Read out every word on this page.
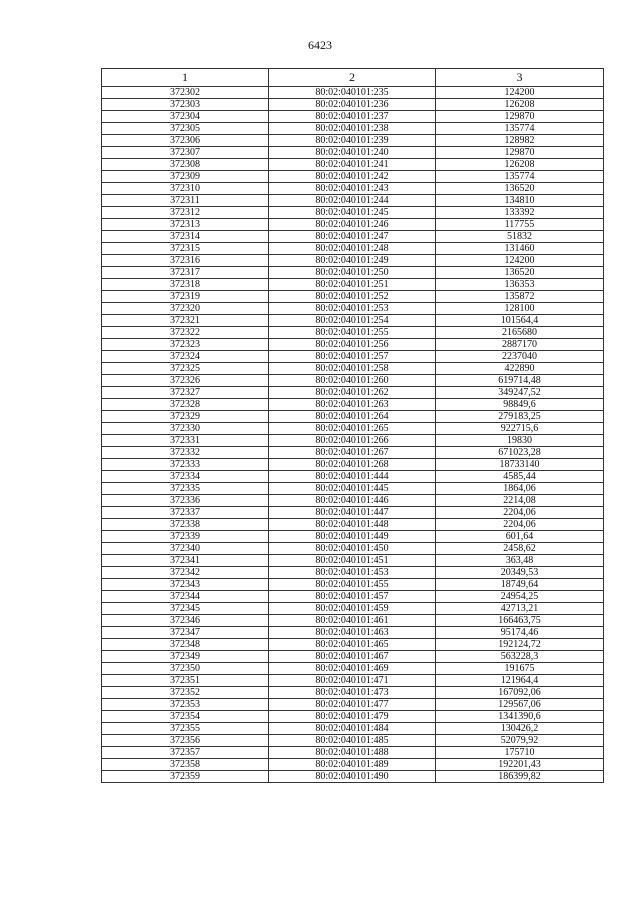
6423
1	2	3
372302	80:02:040101:235	124200
372303	80:02:040101:236	126208
372304	80:02:040101:237	129870
372305	80:02:040101:238	135774
372306	80:02:040101:239	128982
372307	80:02:040101:240	129870
372308	80:02:040101:241	126208
372309	80:02:040101:242	135774
372310	80:02:040101:243	136520
372311	80:02:040101:244	134810
372312	80:02:040101:245	133392
372313	80:02:040101:246	117755
372314	80:02:040101:247	51832
372315	80:02:040101:248	131460
372316	80:02:040101:249	124200
372317	80:02:040101:250	136520
372318	80:02:040101:251	136353
372319	80:02:040101:252	135872
372320	80:02:040101:253	128100
372321	80:02:040101:254	101564,4
372322	80:02:040101:255	2165680
372323	80:02:040101:256	2887170
372324	80:02:040101:257	2237040
372325	80:02:040101:258	422890
372326	80:02:040101:260	619714,48
372327	80:02:040101:262	349247,52
372328	80:02:040101:263	98849,6
372329	80:02:040101:264	279183,25
372330	80:02:040101:265	922715,6
372331	80:02:040101:266	19830
372332	80:02:040101:267	671023,28
372333	80:02:040101:268	18733140
372334	80:02:040101:444	4585,44
372335	80:02:040101:445	1864,06
372336	80:02:040101:446	2214,08
372337	80:02:040101:447	2204,06
372338	80:02:040101:448	2204,06
372339	80:02:040101:449	601,64
372340	80:02:040101:450	2458,62
372341	80:02:040101:451	363,48
372342	80:02:040101:453	20349,53
372343	80:02:040101:455	18749,64
372344	80:02:040101:457	24954,25
372345	80:02:040101:459	42713,21
372346	80:02:040101:461	166463,75
372347	80:02:040101:463	95174,46
372348	80:02:040101:465	192124,72
372349	80:02:040101:467	563228,3
372350	80:02:040101:469	191675
372351	80:02:040101:471	121964,4
372352	80:02:040101:473	167092,06
372353	80:02:040101:477	129567,06
372354	80:02:040101:479	1341390,6
372355	80:02:040101:484	130426,2
372356	80:02:040101:485	52079,92
372357	80:02:040101:488	175710
372358	80:02:040101:489	192201,43
372359	80:02:040101:490	186399,82
